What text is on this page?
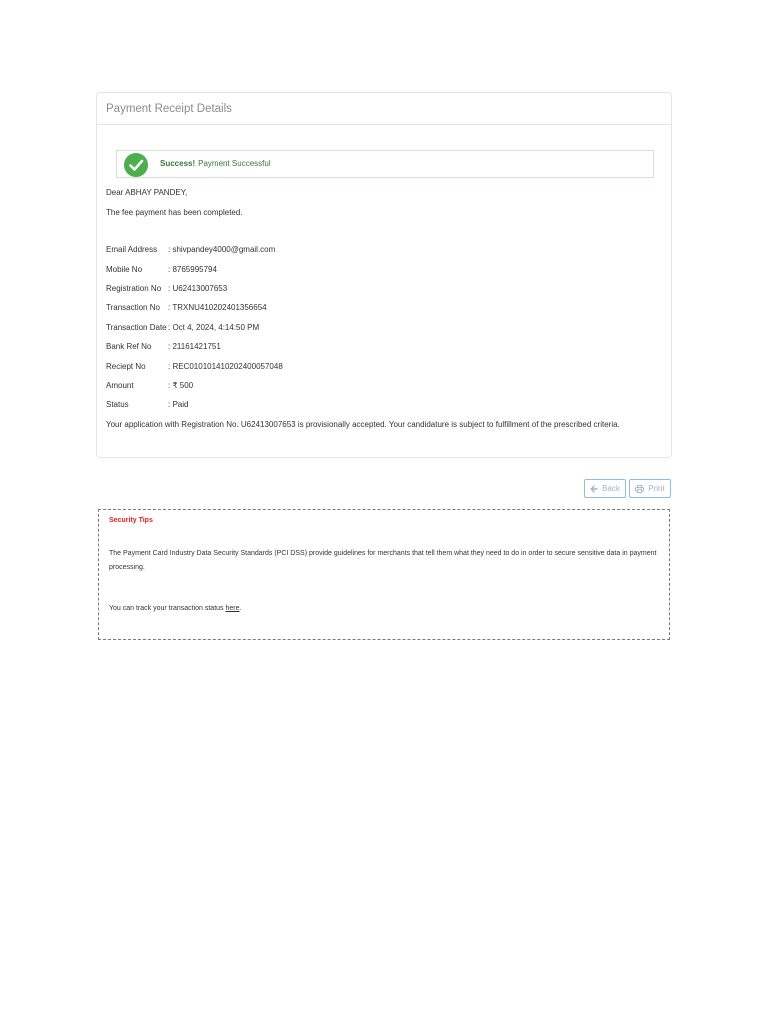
Payment Receipt Details
Success! Payment Successful
Dear ABHAY PANDEY,
The fee payment has been completed.
Email Address : shivpandey4000@gmail.com
Mobile No	: 8765995794
Registration No : U62413007653
Transaction No : TRXNU410202401356654
Transaction Date : Oct 4, 2024, 4:14:50 PM
Bank Ref No	: 21161421751
Reciept No	: REC010101410202400057048
Amount	: ₹ 500
Status	: Paid
Your application with Registration No. U62413007653 is provisionally accepted. Your candidature is subject to fulfillment of the prescribed criteria.
Back	Print
Security Tips
The Payment Card Industry Data Security Standards (PCI DSS) provide guidelines for merchants that tell them what they need to do in order to secure sensitive data in payment processing.
You can track your transaction status here.
